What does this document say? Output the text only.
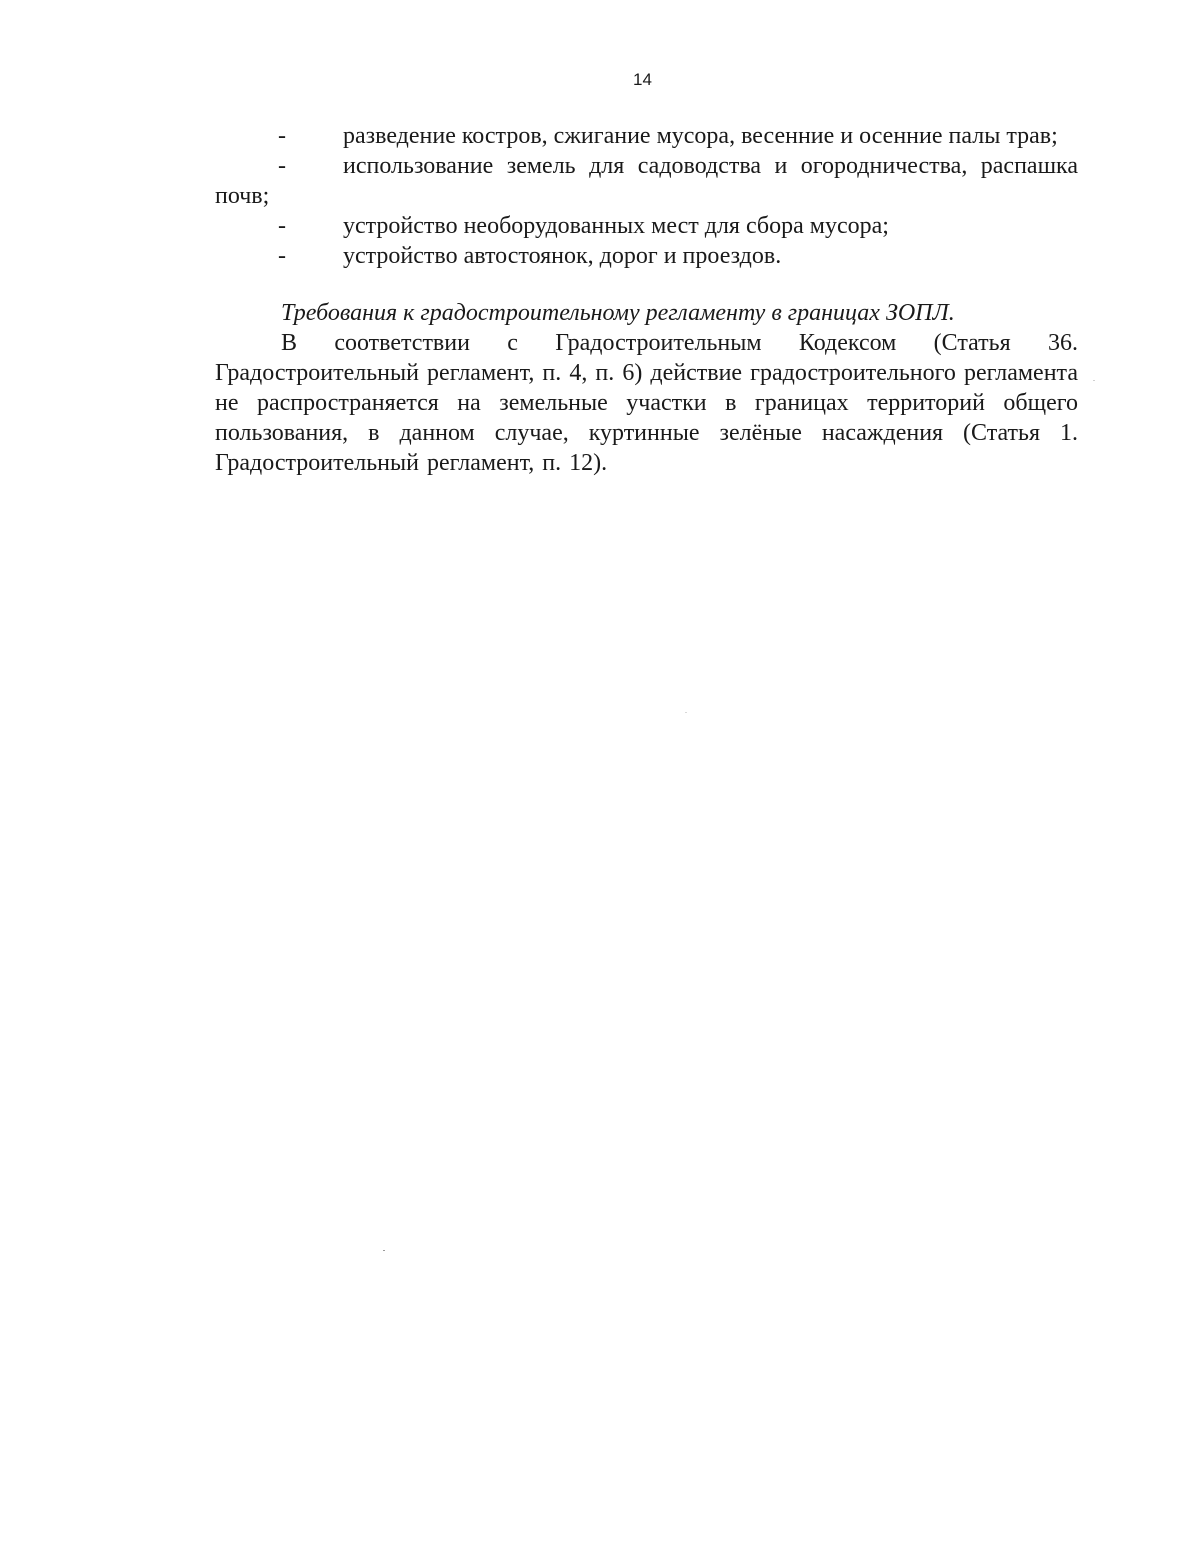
14
- разведение костров, сжигание мусора, весенние и осенние палы трав;
- использование земель для садоводства и огородничества, распашка почв;
- устройство необорудованных мест для сбора мусора;
- устройство автостоянок, дорог и проездов.
Требования к градостроительному регламенту в границах ЗОПЛ.
В соответствии с Градостроительным Кодексом (Статья 36. Градостроительный регламент, п. 4, п. 6) действие градостроительного регламента не распространяется на земельные участки в границах территорий общего пользования, в данном случае, куртинные зелёные насаждения (Статья 1. Градостроительный регламент, п. 12).
